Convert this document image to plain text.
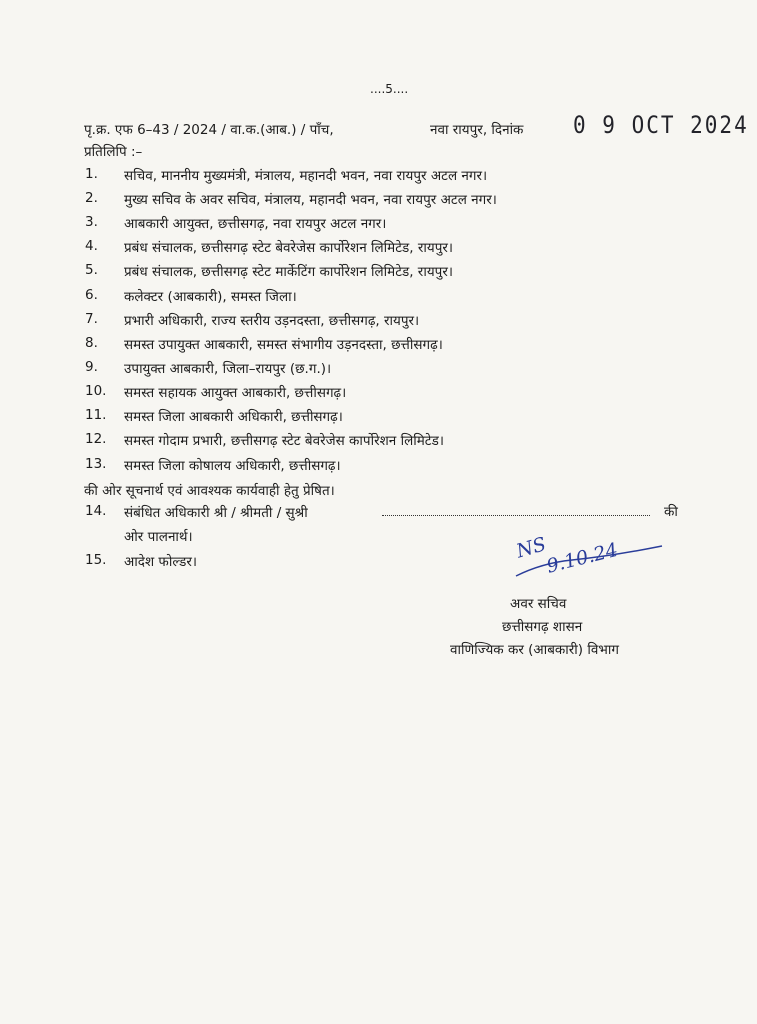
....5....
पृ.क्र. एफ 6–43 / 2024 / वा.क.(आब.) / पाँच,	नवा रायपुर, दिनांक 0 9 OCT 2024
प्रतिलिपि :–
1. सचिव, माननीय मुख्यमंत्री, मंत्रालय, महानदी भवन, नवा रायपुर अटल नगर।
2. मुख्य सचिव के अवर सचिव, मंत्रालय, महानदी भवन, नवा रायपुर अटल नगर।
3. आबकारी आयुक्त, छत्तीसगढ़, नवा रायपुर अटल नगर।
4. प्रबंध संचालक, छत्तीसगढ़ स्टेट बेवरेजेस कार्पोरेशन लिमिटेड, रायपुर।
5. प्रबंध संचालक, छत्तीसगढ़ स्टेट मार्केटिंग कार्पोरेशन लिमिटेड, रायपुर।
6. कलेक्टर (आबकारी), समस्त जिला।
7. प्रभारी अधिकारी, राज्य स्तरीय उड़नदस्ता, छत्तीसगढ़, रायपुर।
8. समस्त उपायुक्त आबकारी, समस्त संभागीय उड़नदस्ता, छत्तीसगढ़।
9. उपायुक्त आबकारी, जिला–रायपुर (छ.ग.)।
10. समस्त सहायक आयुक्त आबकारी, छत्तीसगढ़।
11. समस्त जिला आबकारी अधिकारी, छत्तीसगढ़।
12. समस्त गोदाम प्रभारी, छत्तीसगढ़ स्टेट बेवरेजेस कार्पोरेशन लिमिटेड।
13. समस्त जिला कोषालय अधिकारी, छत्तीसगढ़।
की ओर सूचनार्थ एवं आवश्यक कार्यवाही हेतु प्रेषित।
14. संबंधित अधिकारी श्री / श्रीमती / सुश्री	की
ओर पालनार्थ।
15. आदेश फोल्डर।	NS
9.10.24
अवर सचिव
छत्तीसगढ़ शासन
वाणिज्यिक कर (आबकारी) विभाग
